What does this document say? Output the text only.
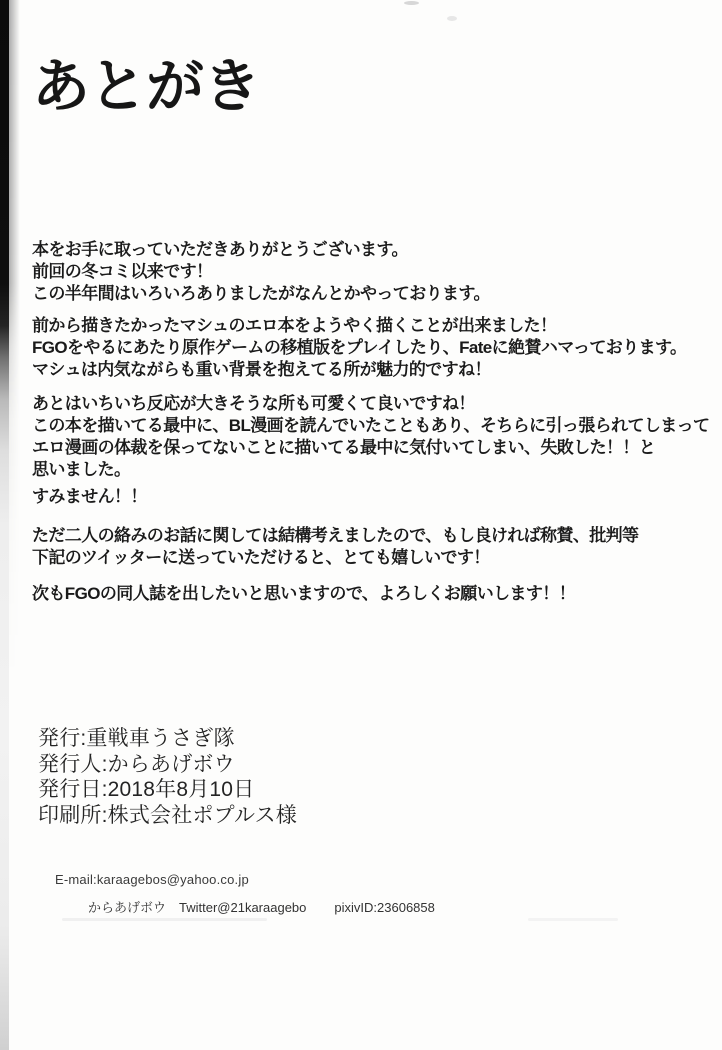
あとがき
本をお手に取っていただきありがとうございます。
前回の冬コミ以来です！
この半年間はいろいろありましたがなんとかやっております。
前から描きたかったマシュのエロ本をようやく描くことが出来ました！
FGOをやるにあたり原作ゲームの移植版をプレイしたり、Fateに絶賛ハマっております。
マシュは内気ながらも重い背景を抱えてる所が魅力的ですね！
あとはいちいち反応が大きそうな所も可愛くて良いですね！
この本を描いてる最中に、BL漫画を読んでいたこともあり、そちらに引っ張られてしまって
エロ漫画の体裁を保ってないことに描いてる最中に気付いてしまい、失敗した！！と
思いました。
すみません！！
ただ二人の絡みのお話に関しては結構考えましたので、もし良ければ称賛、批判等
下記のツイッターに送っていただけると、とても嬉しいです！
次もFGOの同人誌を出したいと思いますので、よろしくお願いします！！
発行:重戦車うさぎ隊
発行人:からあげボウ
発行日:2018年8月10日
印刷所:株式会社ポプルス様
E-mail:karaagebos@yahoo.co.jp
からあげボウ Twitter@21karaagebo pixivID:23606858
